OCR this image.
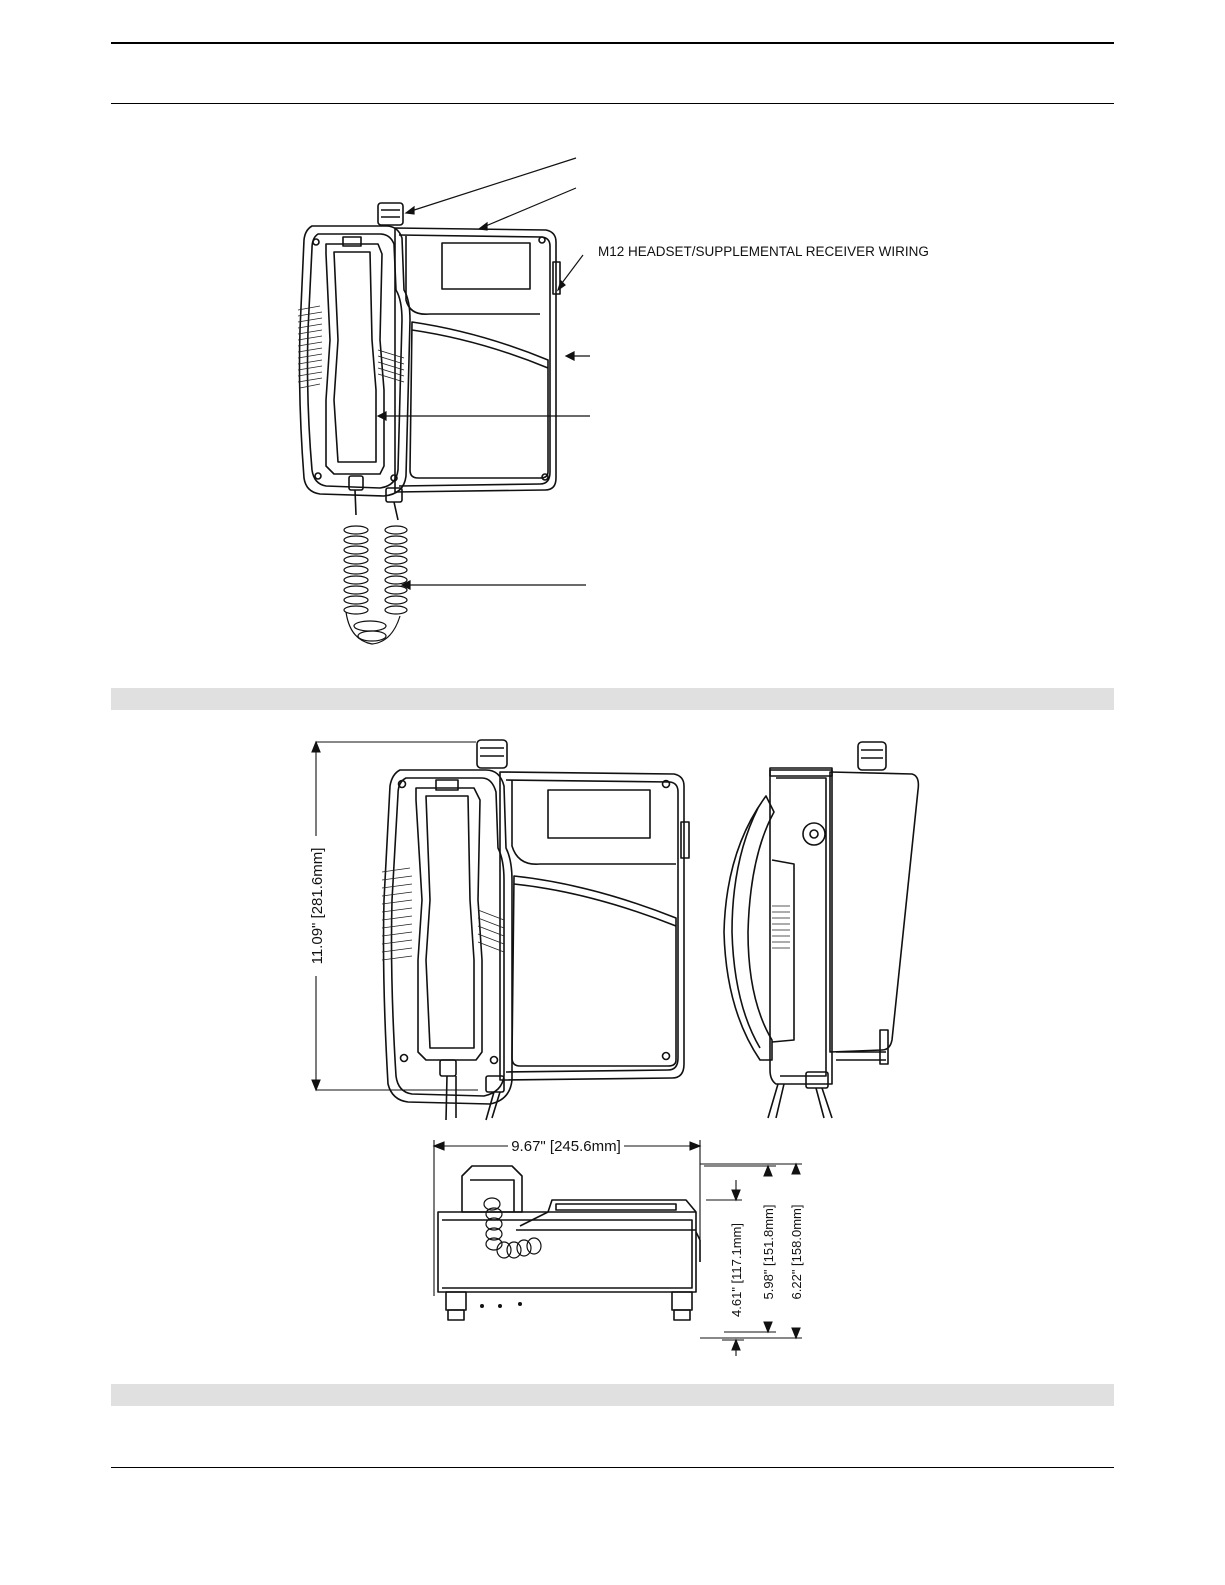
M12 HEADSET/SUPPLEMENTAL RECEIVER WIRING
11.09" [281.6mm]
9.67" [245.6mm]
4.61" [117.1mm] 5.98" [151.8mm] 6.22" [158.0mm]
